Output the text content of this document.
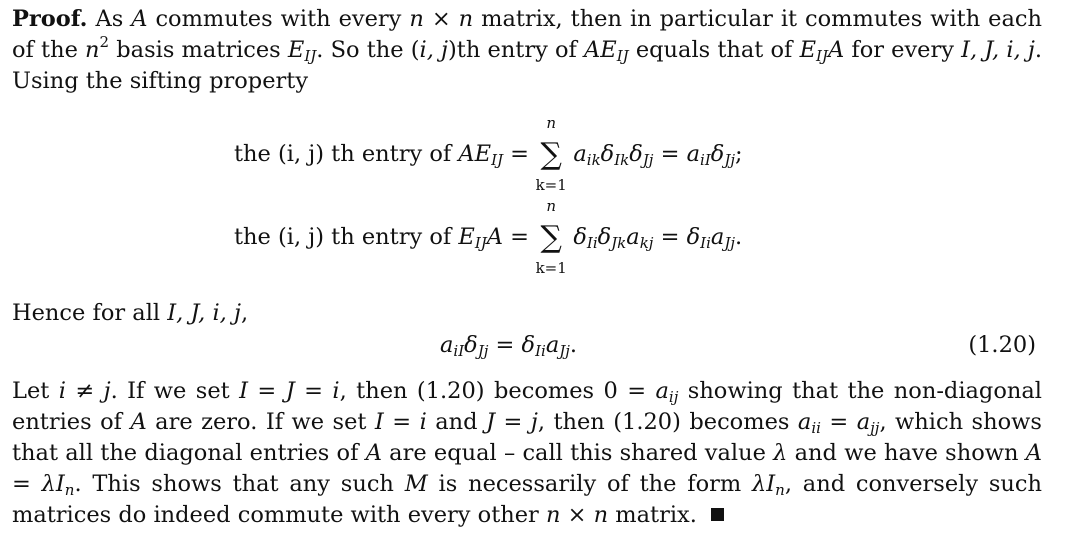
Proof. As A commutes with every n × n matrix, then in particular it commutes with each of the $n^2$ basis matrices $E_{IJ}$. So the (i, j)th entry of $AE_{IJ}$ equals that of $E_{IJ}A$ for every I, J, i, j. Using the sifting property

the (i, j) th entry of $AE_{IJ}$ =
n
∑
k=1
$a_{ik}\delta_{Ik}\delta_{Jj} = a_{iI}\delta_{Jj}$;
the (i, j) th entry of $E_{IJ}A$ =
n
∑
k=1
$\delta_{Ii}\delta_{Jk}a_{kj} = \delta_{Ii}a_{Jj}$.
Hence for all I, J, i, j,
$a_{iI}\delta_{Jj} = \delta_{Ii}a_{Jj}$.	(1.20)

Let i ≠ j. If we set I = J = i, then (1.20) becomes $0 = a_{ij}$ showing that the non-diagonal entries of A are zero. If we set I = i and J = j, then (1.20) becomes $a_{ii} = a_{jj}$, which shows that all the diagonal entries of A are equal – call this shared value λ and we have shown $A = \lambda I_n$. This shows that any such M is necessarily of the form $\lambda I_n$, and conversely such matrices do indeed commute with every other n × n matrix.
